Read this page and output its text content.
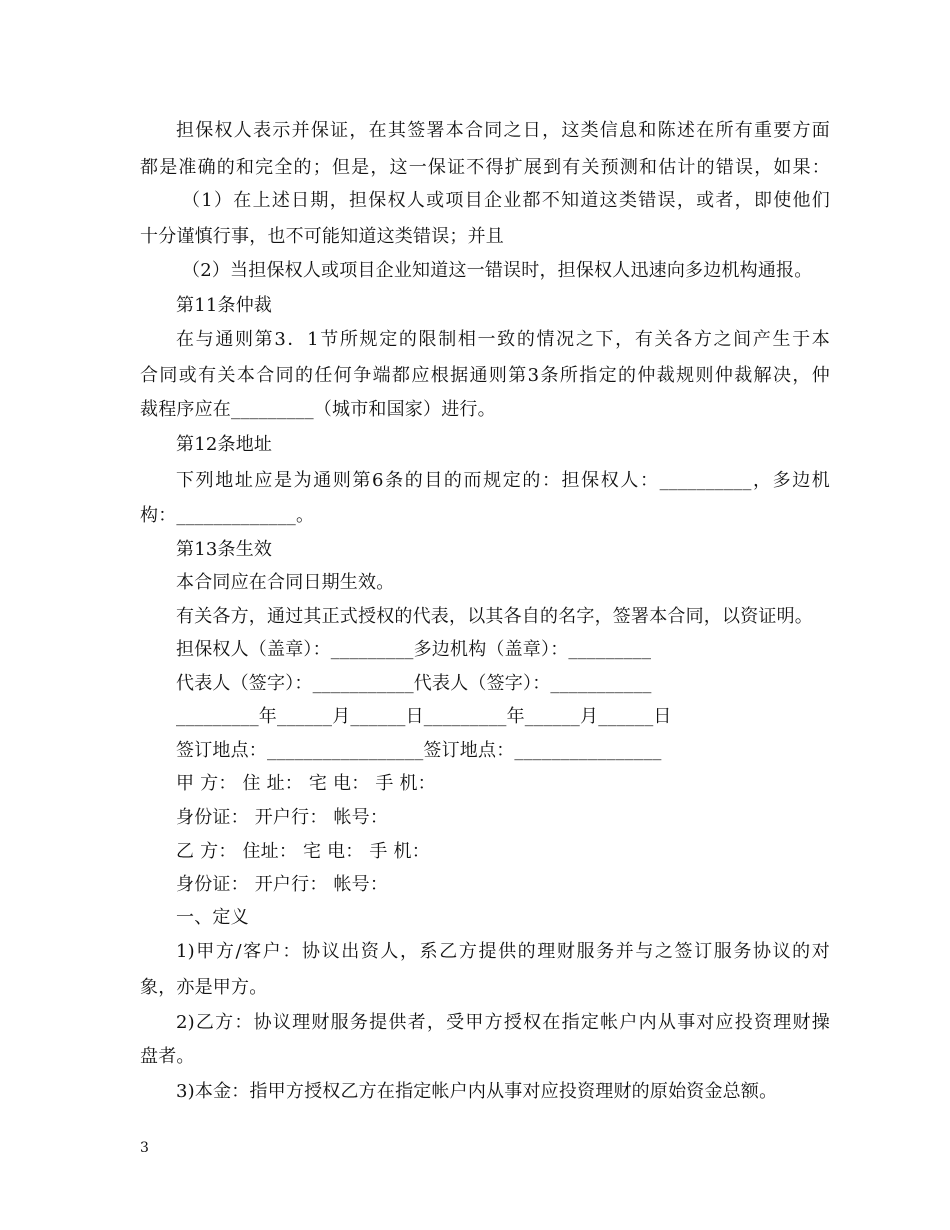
担保权人表示并保证，在其签署本合同之日，这类信息和陈述在所有重要方面
都是准确的和完全的；但是，这一保证不得扩展到有关预测和估计的错误，如果：
（1）在上述日期，担保权人或项目企业都不知道这类错误，或者，即使他们
十分谨慎行事，也不可能知道这类错误；并且
（2）当担保权人或项目企业知道这一错误时，担保权人迅速向多边机构通报。
第11条仲裁
在与通则第3．1节所规定的限制相一致的情况之下，有关各方之间产生于本
合同或有关本合同的任何争端都应根据通则第3条所指定的仲裁规则仲裁解决，仲
裁程序应在_________（城市和国家）进行。
第12条地址
下列地址应是为通则第6条的目的而规定的：担保权人：__________，多边机
构：_____________。
第13条生效
本合同应在合同日期生效。
有关各方，通过其正式授权的代表，以其各自的名字，签署本合同，以资证明。
担保权人（盖章）：_________多边机构（盖章）：_________
代表人（签字）：___________代表人（签字）：___________
_________年______月______日_________年______月______日
签订地点：_________________签订地点：________________
甲 方： 住 址： 宅 电： 手 机：
身份证： 开户行： 帐号：
乙 方： 住址： 宅 电： 手 机：
身份证： 开户行： 帐号：
一、定义
1)甲方/客户：协议出资人，系乙方提供的理财服务并与之签订服务协议的对
象，亦是甲方。
2)乙方：协议理财服务提供者，受甲方授权在指定帐户内从事对应投资理财操
盘者。
3)本金：指甲方授权乙方在指定帐户内从事对应投资理财的原始资金总额。
3
